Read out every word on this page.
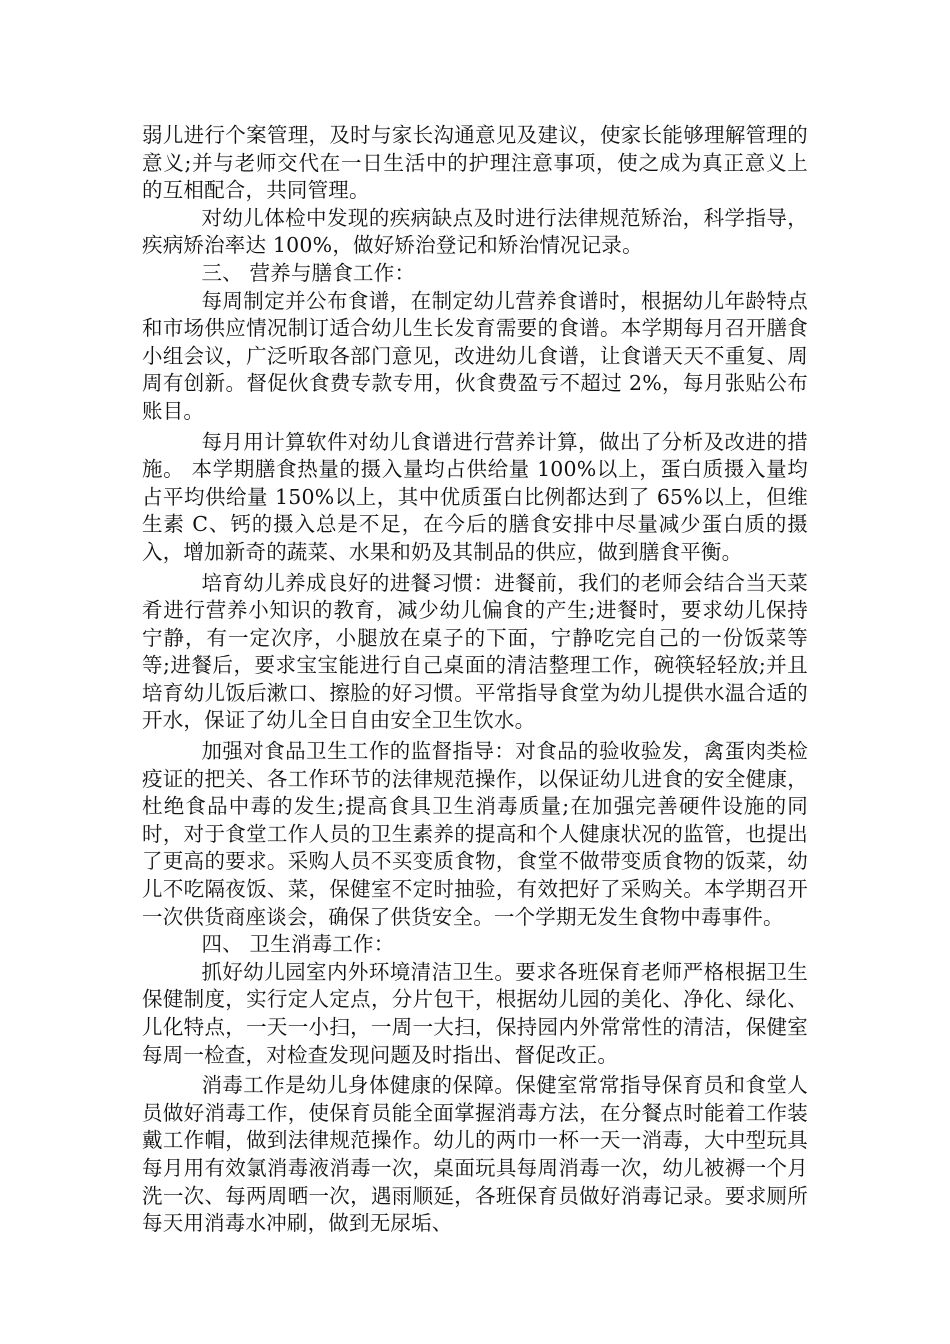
弱儿进行个案管理，及时与家长沟通意见及建议，使家长能够理解管理的意义;并与老师交代在一日生活中的护理注意事项，使之成为真正意义上的互相配合，共同管理。

对幼儿体检中发现的疾病缺点及时进行法律规范矫治，科学指导，疾病矫治率达 100%，做好矫治登记和矫治情况记录。

三、 营养与膳食工作：

每周制定并公布食谱，在制定幼儿营养食谱时，根据幼儿年龄特点和市场供应情况制订适合幼儿生长发育需要的食谱。本学期每月召开膳食小组会议，广泛听取各部门意见，改进幼儿食谱，让食谱天天不重复、周周有创新。督促伙食费专款专用，伙食费盈亏不超过 2%，每月张贴公布账目。

每月用计算软件对幼儿食谱进行营养计算，做出了分析及改进的措施。 本学期膳食热量的摄入量均占供给量 100%以上，蛋白质摄入量均占平均供给量 150%以上，其中优质蛋白比例都达到了 65%以上，但维生素 C、钙的摄入总是不足，在今后的膳食安排中尽量减少蛋白质的摄入，增加新奇的蔬菜、水果和奶及其制品的供应，做到膳食平衡。

培育幼儿养成良好的进餐习惯：进餐前，我们的老师会结合当天菜肴进行营养小知识的教育，减少幼儿偏食的产生;进餐时，要求幼儿保持宁静，有一定次序，小腿放在桌子的下面，宁静吃完自己的一份饭菜等等;进餐后，要求宝宝能进行自己桌面的清洁整理工作，碗筷轻轻放;并且培育幼儿饭后漱口、擦脸的好习惯。平常指导食堂为幼儿提供水温合适的开水，保证了幼儿全日自由安全卫生饮水。

加强对食品卫生工作的监督指导：对食品的验收验发，禽蛋肉类检疫证的把关、各工作环节的法律规范操作，以保证幼儿进食的安全健康，杜绝食品中毒的发生;提高食具卫生消毒质量;在加强完善硬件设施的同时，对于食堂工作人员的卫生素养的提高和个人健康状况的监管，也提出了更高的要求。采购人员不买变质食物，食堂不做带变质食物的饭菜，幼儿不吃隔夜饭、菜，保健室不定时抽验，有效把好了采购关。本学期召开一次供货商座谈会，确保了供货安全。一个学期无发生食物中毒事件。

四、 卫生消毒工作：

抓好幼儿园室内外环境清洁卫生。要求各班保育老师严格根据卫生保健制度，实行定人定点，分片包干，根据幼儿园的美化、净化、绿化、儿化特点，一天一小扫，一周一大扫，保持园内外常常性的清洁，保健室每周一检查，对检查发现问题及时指出、督促改正。

消毒工作是幼儿身体健康的保障。保健室常常指导保育员和食堂人员做好消毒工作，使保育员能全面掌握消毒方法，在分餐点时能着工作装戴工作帽，做到法律规范操作。幼儿的两巾一杯一天一消毒，大中型玩具每月用有效氯消毒液消毒一次，桌面玩具每周消毒一次，幼儿被褥一个月洗一次、每两周晒一次，遇雨顺延，各班保育员做好消毒记录。要求厕所每天用消毒水冲刷，做到无尿垢、
